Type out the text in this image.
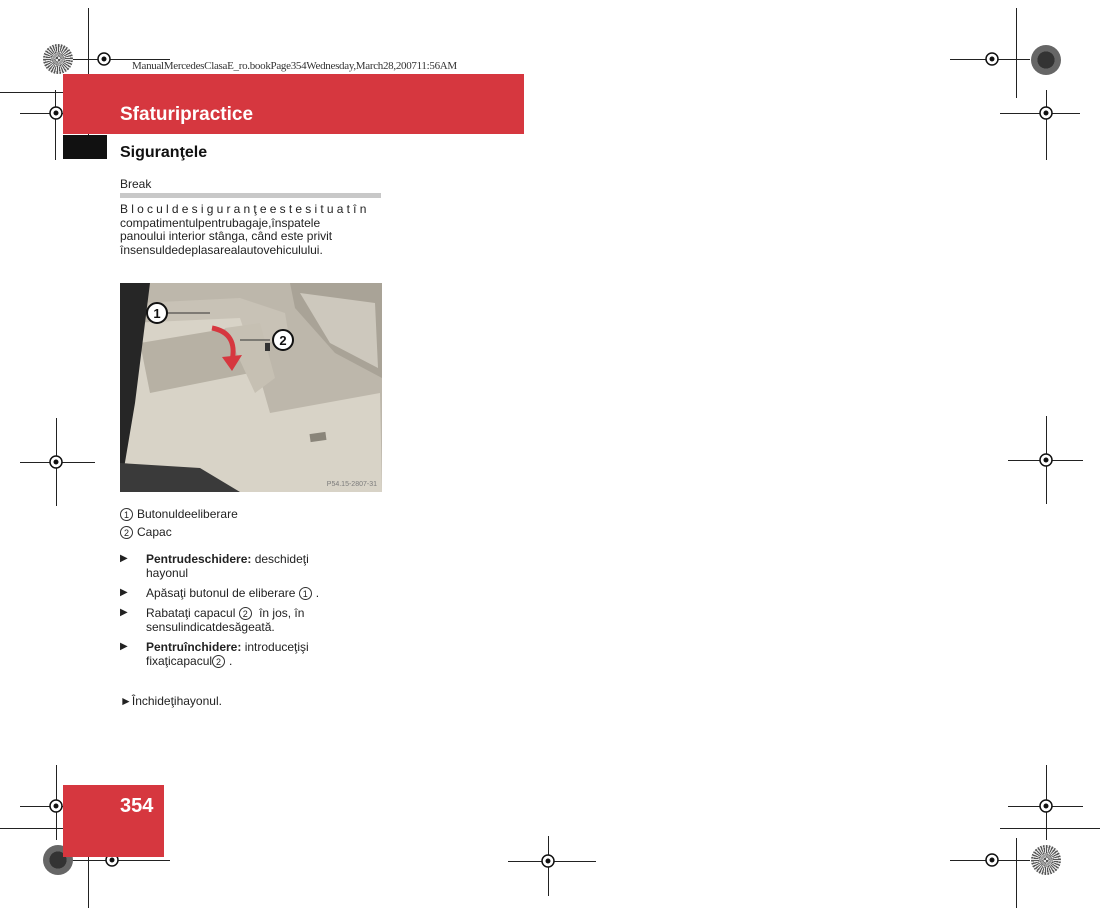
ManualMercedesClasaE_ro.bookPage354Wednesday,March28,200711:56AM
Sfaturipractice
Siguranţele
Break
Bloculdesiguranţeestesituatîn
compatimentulpentrubagaje,înspatele
panoului interior stânga, când este privit
însensuldedeplasarealautovehiculului.
1
2
P54.15-2807-31
1 Butonuldeeliberare
2 Capac
▶	Pentrudeschidere: deschideţi
hayonul
▶	Apăsaţi butonul de eliberare 1 .
▶	Rabataţi capacul 2 în jos, în
sensulindicatdesăgeată.
▶	Pentruînchidere: introduceţişi
fixaţicapacul 2 .
►Închideţihayonul.
354
